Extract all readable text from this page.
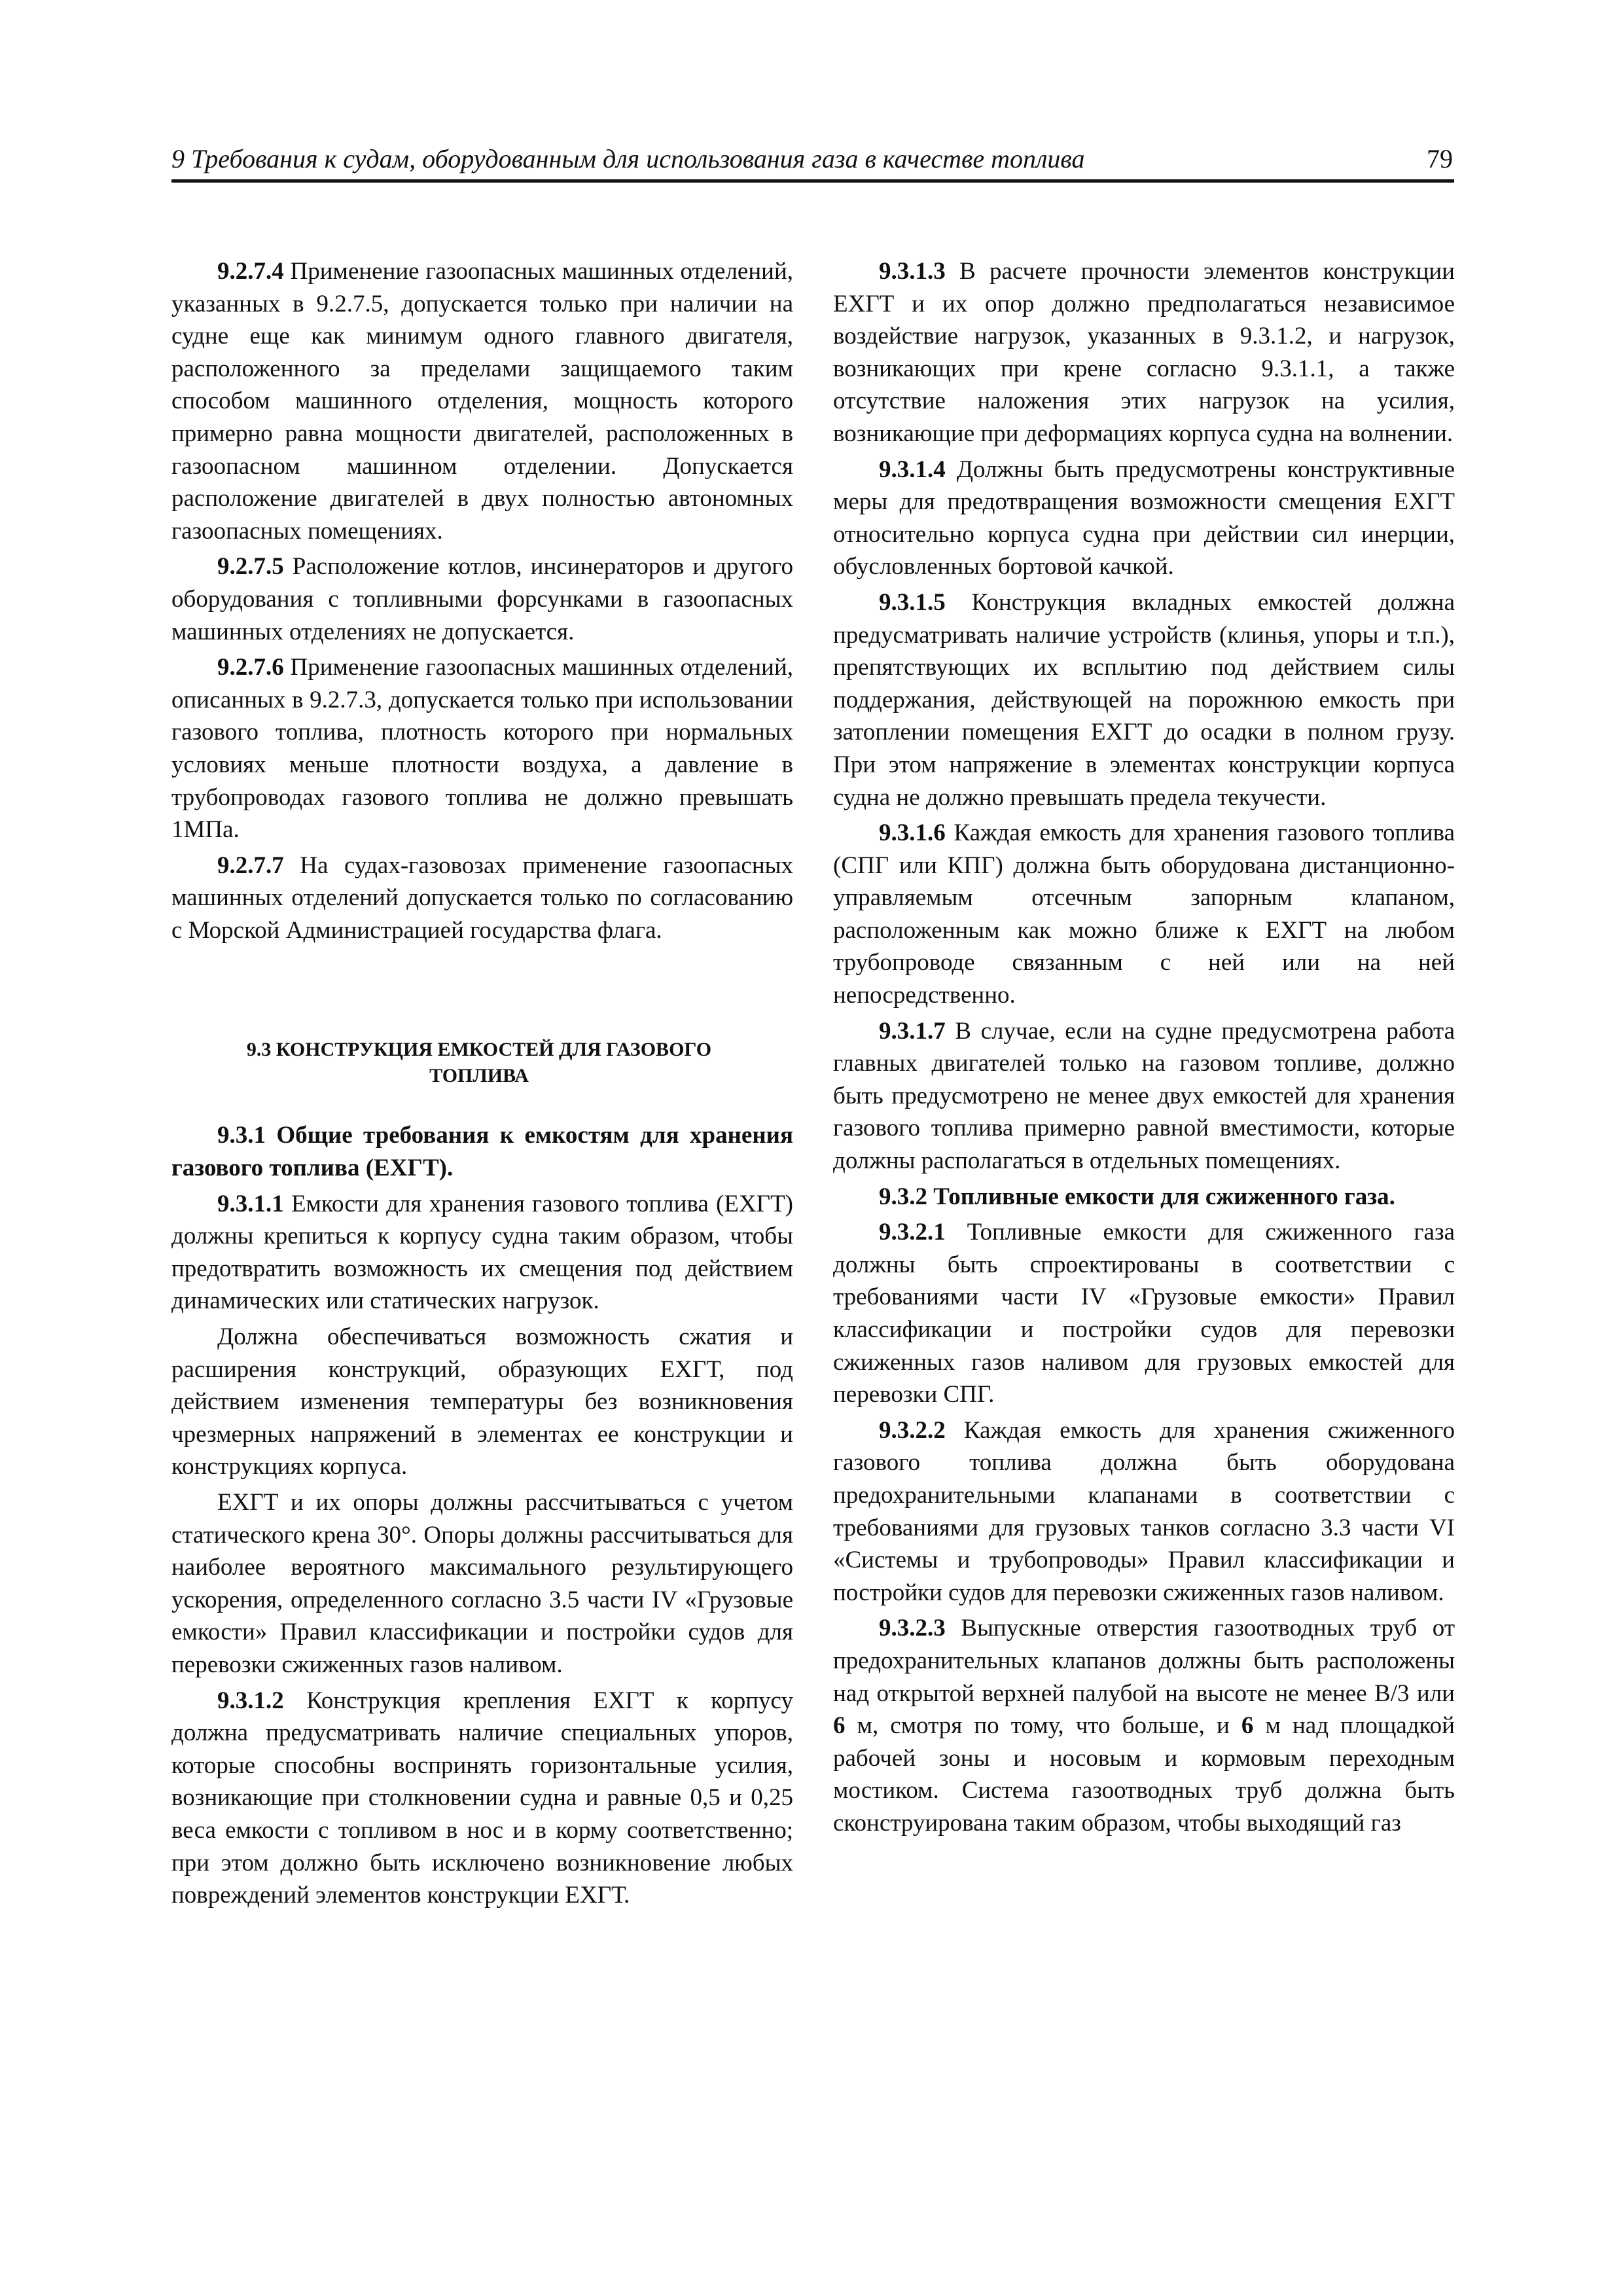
9 Требования к судам, оборудованным для использования газа в качестве топлива	79

9.2.7.4 Применение газоопасных машинных отделений, указанных в 9.2.7.5, допускается только при наличии на судне еще как минимум одного главного двигателя, расположенного за пределами защищаемого таким способом машинного отделения, мощность которого примерно равна мощности двигателей, расположенных в газоопасном машинном отделении. Допускается расположение двигателей в двух полностью автономных газоопасных помещениях.

9.2.7.5 Расположение котлов, инсинераторов и другого оборудования с топливными форсунками в газоопасных машинных отделениях не допускается.

9.2.7.6 Применение газоопасных машинных отделений, описанных в 9.2.7.3, допускается только при использовании газового топлива, плотность которого при нормальных условиях меньше плотности воздуха, а давление в трубопроводах газового топлива не должно превышать 1МПа.

9.2.7.7 На судах-газовозах применение газоопасных машинных отделений допускается только по согласованию с Морской Администрацией государства флага.

9.3 КОНСТРУКЦИЯ ЕМКОСТЕЙ ДЛЯ ГАЗОВОГО
ТОПЛИВА

9.3.1 Общие требования к емкостям для хранения газового топлива (ЕХГТ).

9.3.1.1 Емкости для хранения газового топлива (ЕХГТ) должны крепиться к корпусу судна таким образом, чтобы предотвратить возможность их смещения под действием динамических или статических нагрузок.

Должна обеспечиваться возможность сжатия и расширения конструкций, образующих ЕХГТ, под действием изменения температуры без возникновения чрезмерных напряжений в элементах ее конструкции и конструкциях корпуса.

ЕХГТ и их опоры должны рассчитываться с учетом статического крена 30°. Опоры должны рассчитываться для наиболее вероятного максимального результирующего ускорения, определенного согласно 3.5 части IV «Грузовые емкости» Правил классификации и постройки судов для перевозки сжиженных газов наливом.

9.3.1.2 Конструкция крепления ЕХГТ к корпусу должна предусматривать наличие специальных упоров, которые способны воспринять горизонтальные усилия, возникающие при столкновении судна и равные 0,5 и 0,25 веса емкости с топливом в нос и в корму соответственно; при этом должно быть исключено возникновение любых повреждений элементов конструкции ЕХГТ.

9.3.1.3 В расчете прочности элементов конструкции ЕХГТ и их опор должно предполагаться независимое воздействие нагрузок, указанных в 9.3.1.2, и нагрузок, возникающих при крене согласно 9.3.1.1, а также отсутствие наложения этих нагрузок на усилия, возникающие при деформациях корпуса судна на волнении.

9.3.1.4 Должны быть предусмотрены конструктивные меры для предотвращения возможности смещения ЕХГТ относительно корпуса судна при действии сил инерции, обусловленных бортовой качкой.

9.3.1.5 Конструкция вкладных емкостей должна предусматривать наличие устройств (клинья, упоры и т.п.), препятствующих их всплытию под действием силы поддержания, действующей на порожнюю емкость при затоплении помещения ЕХГТ до осадки в полном грузу. При этом напряжение в элементах конструкции корпуса судна не должно превышать предела текучести.

9.3.1.6 Каждая емкость для хранения газового топлива (СПГ или КПГ) должна быть оборудована дистанционно-управляемым отсечным запорным клапаном, расположенным как можно ближе к ЕХГТ на любом трубопроводе связанным с ней или на ней непосредственно.

9.3.1.7 В случае, если на судне предусмотрена работа главных двигателей только на газовом топливе, должно быть предусмотрено не менее двух емкостей для хранения газового топлива примерно равной вместимости, которые должны располагаться в отдельных помещениях.

9.3.2 Топливные емкости для сжиженного газа.

9.3.2.1 Топливные емкости для сжиженного газа должны быть спроектированы в соответствии с требованиями части IV «Грузовые емкости» Правил классификации и постройки судов для перевозки сжиженных газов наливом для грузовых емкостей для перевозки СПГ.

9.3.2.2 Каждая емкость для хранения сжиженного газового топлива должна быть оборудована предохранительными клапанами в соответствии с требованиями для грузовых танков согласно 3.3 части VI «Системы и трубопроводы» Правил классификации и постройки судов для перевозки сжиженных газов наливом.

9.3.2.3 Выпускные отверстия газоотводных труб от предохранительных клапанов должны быть расположены над открытой верхней палубой на высоте не менее B/3 или 6 м, смотря по тому, что больше, и 6 м над площадкой рабочей зоны и носовым и кормовым переходным мостиком. Система газоотводных труб должна быть сконструирована таким образом, чтобы выходящий газ
